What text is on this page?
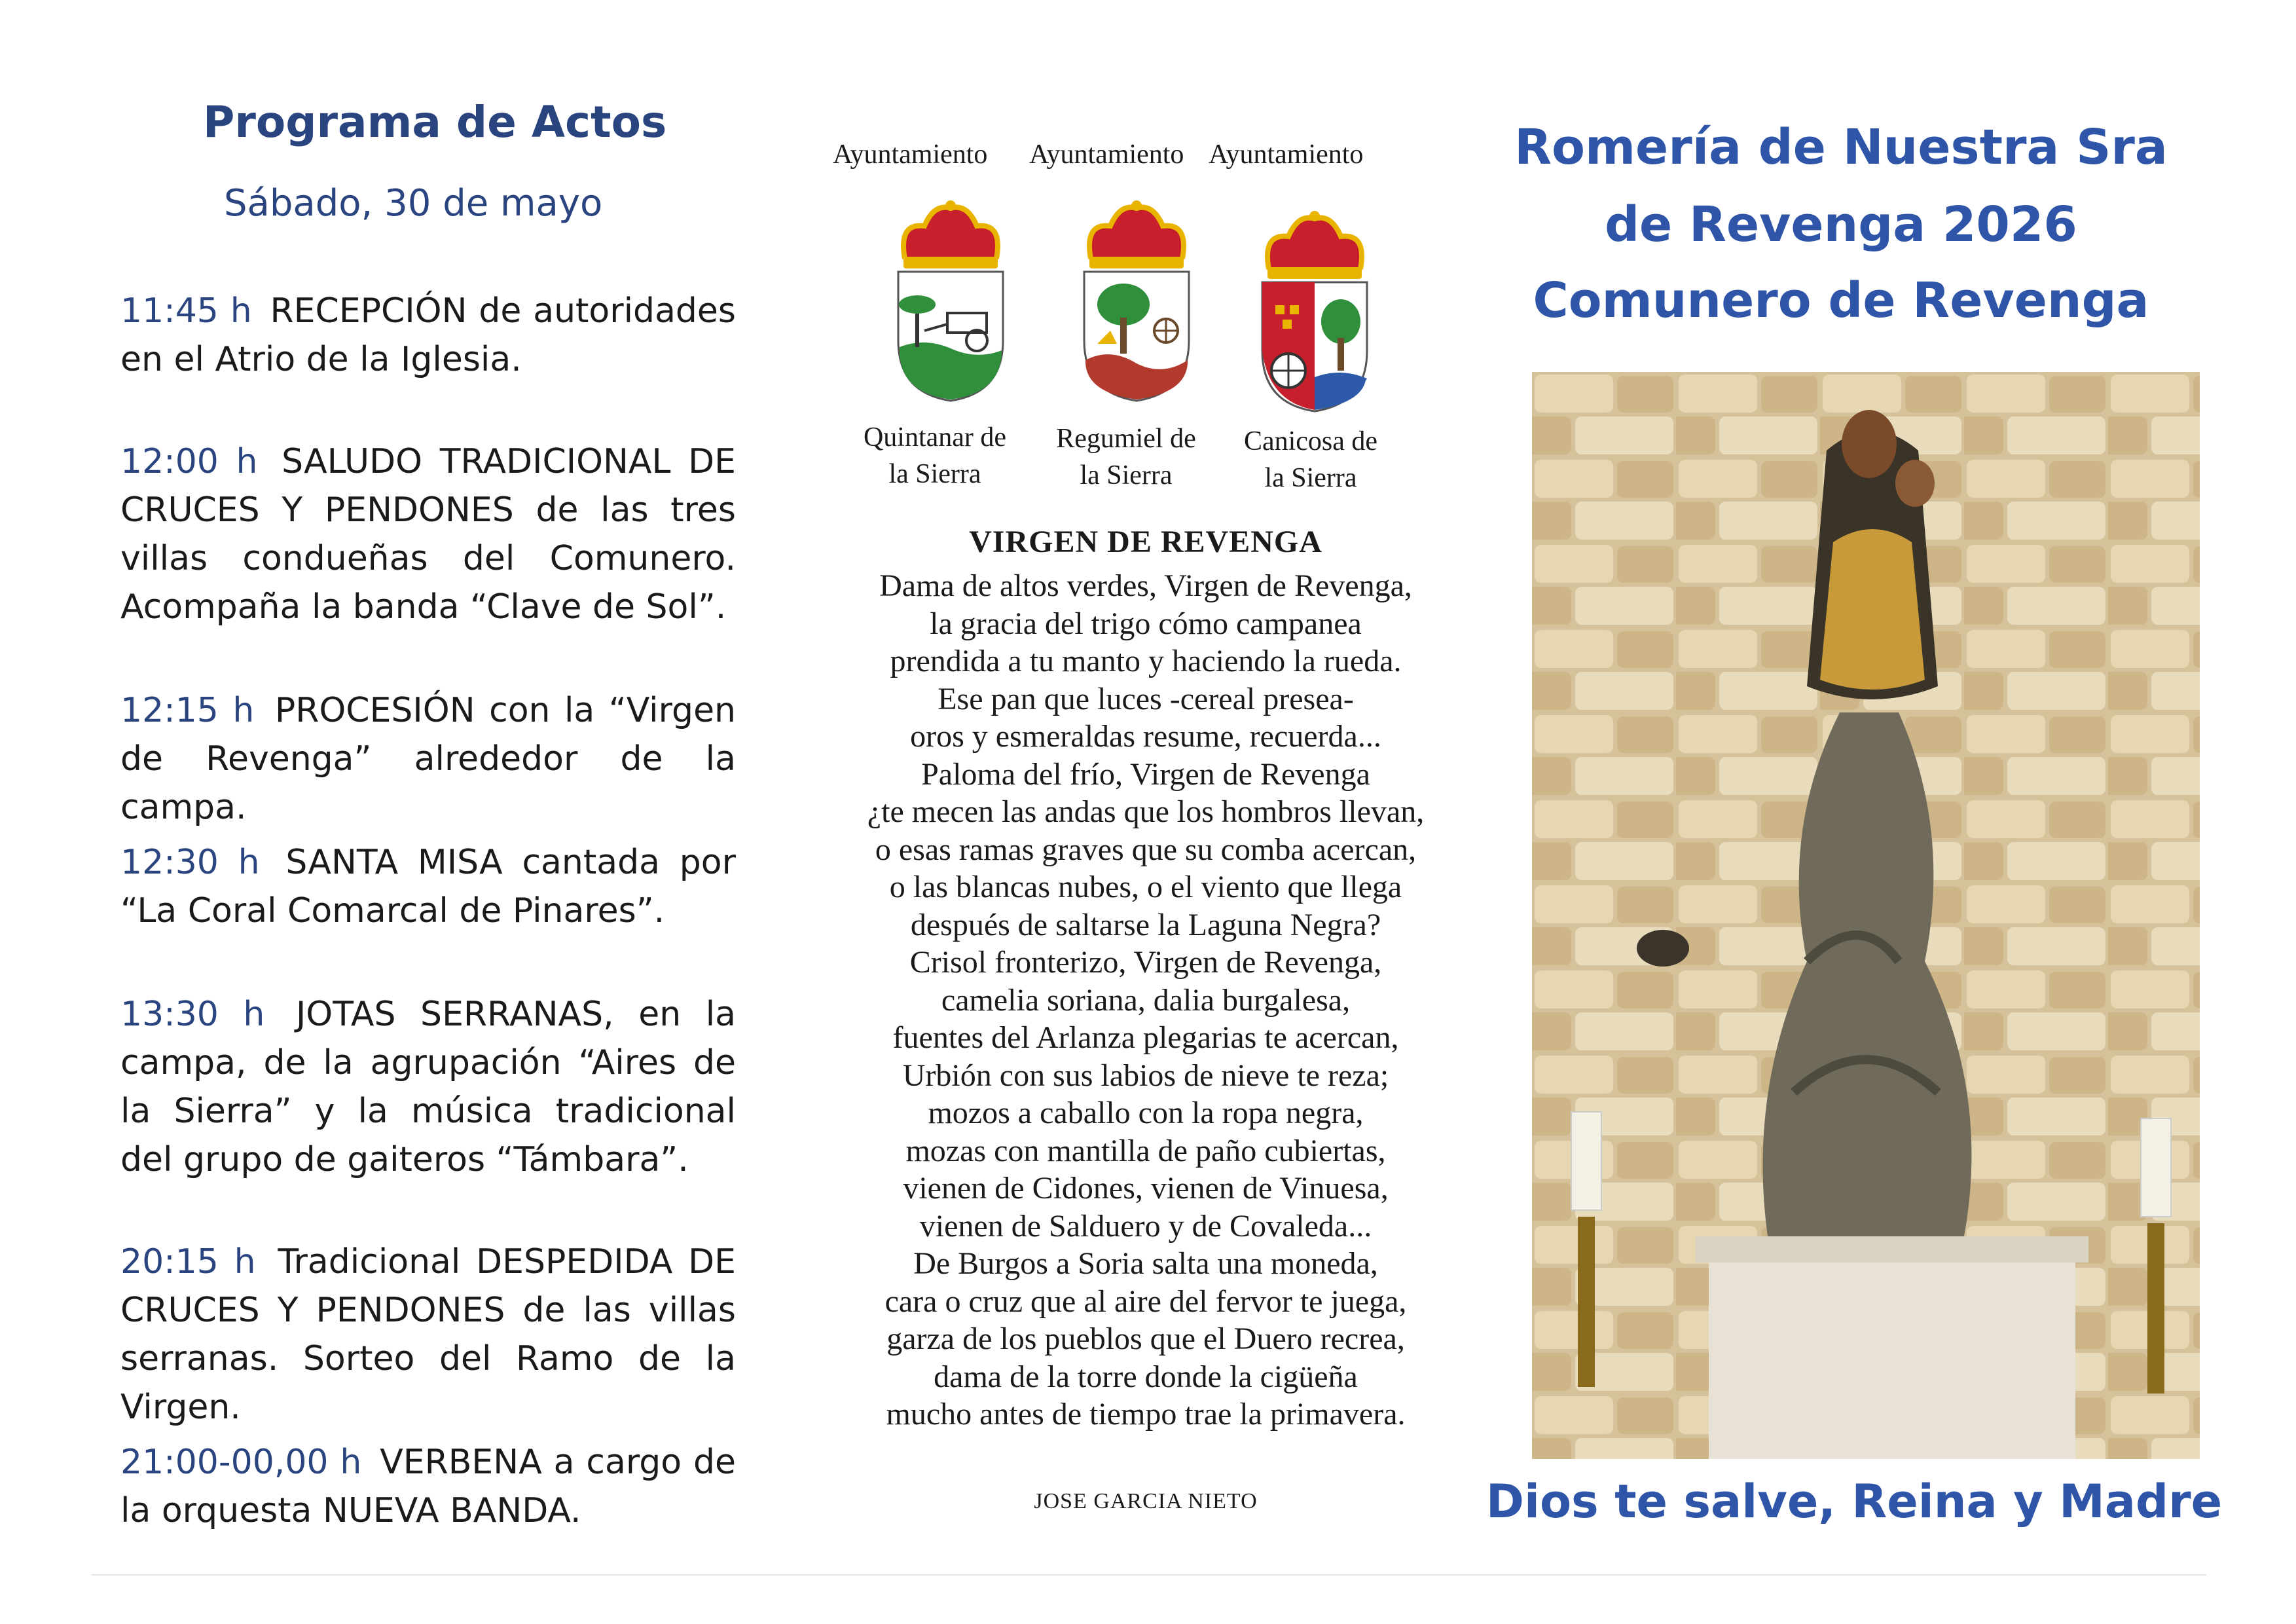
Programa de Actos
Sábado, 30 de mayo
11:45 h RECEPCIÓN de autoridades en el Atrio de la Iglesia.
12:00 h SALUDO TRADICIONAL DE CRUCES Y PENDONES de las tres villas condueñas del Comunero. Acompaña la banda “Clave de Sol”.
12:15 h PROCESIÓN con la “Virgen de Revenga” alrededor de la campa.
12:30 h SANTA MISA cantada por “La Coral Comarcal de Pinares”.
13:30 h JOTAS SERRANAS, en la campa, de la agrupación “Aires de la Sierra” y la música tradicional del grupo de gaiteros “Támbara”.
20:15 h Tradicional DESPEDIDA DE CRUCES Y PENDONES de las villas serranas. Sorteo del Ramo de la Virgen.
21:00-00,00 h VERBENA a cargo de la orquesta NUEVA BANDA.
Ayuntamiento Ayuntamiento Ayuntamiento
Quintanar de
la Sierra
Regumiel de
la Sierra
Canicosa de
la Sierra
VIRGEN DE REVENGA
Dama de altos verdes, Virgen de Revenga,
la gracia del trigo cómo campanea
prendida a tu manto y haciendo la rueda.
Ese pan que luces -cereal presea-
oros y esmeraldas resume, recuerda...
Paloma del frío, Virgen de Revenga
¿te mecen las andas que los hombros llevan,
o esas ramas graves que su comba acercan,
o las blancas nubes, o el viento que llega
después de saltarse la Laguna Negra?
Crisol fronterizo, Virgen de Revenga,
camelia soriana, dalia burgalesa,
fuentes del Arlanza plegarias te acercan,
Urbión con sus labios de nieve te reza;
mozos a caballo con la ropa negra,
mozas con mantilla de paño cubiertas,
vienen de Cidones, vienen de Vinuesa,
vienen de Salduero y de Covaleda...
De Burgos a Soria salta una moneda,
cara o cruz que al aire del fervor te juega,
garza de los pueblos que el Duero recrea,
dama de la torre donde la cigüeña
mucho antes de tiempo trae la primavera.
JOSE GARCIA NIETO
Romería de Nuestra Sra
de Revenga 2026
Comunero de Revenga
Dios te salve, Reina y Madre
